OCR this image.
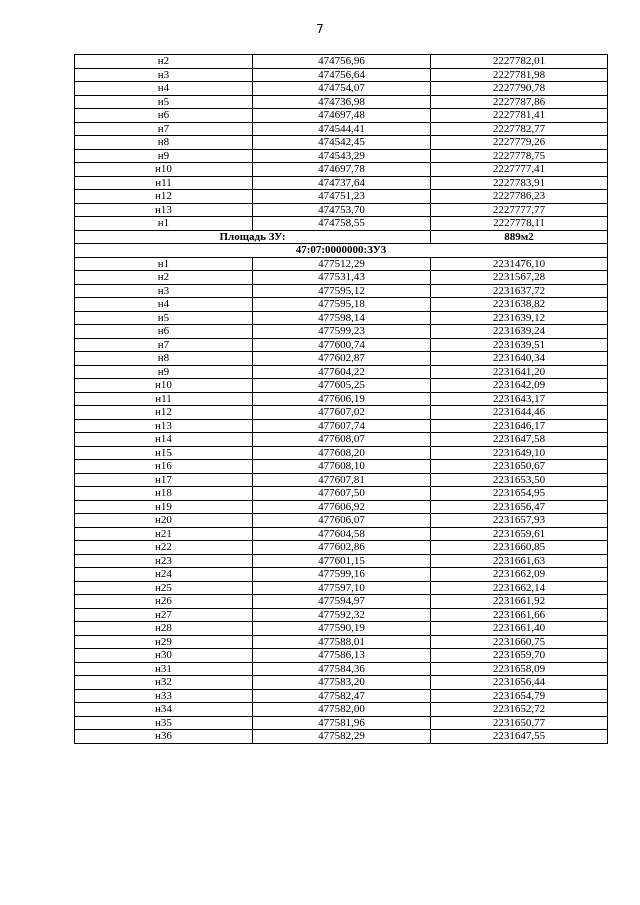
7
н2	474756,96	2227782,01
н3	474756,64	2227781,98
н4	474754,07	2227790,78
н5	474736,98	2227787,86
н6	474697,48	2227781,41
н7	474544,41	2227782,77
н8	474542,45	2227779,26
н9	474543,29	2227778,75
н10	474697,78	2227777,41
н11	474737,64	2227783,91
н12	474751,23	2227786,23
н13	474753,70	2227777,77
н1	474758,55	2227778,11
Площадь ЗУ:		889м2
47:07:0000000:ЗУ3		
н1	477512,29	2231476,10
н2	477531,43	2231567,28
н3	477595,12	2231637,72
н4	477595,18	2231638,82
н5	477598,14	2231639,12
н6	477599,23	2231639,24
н7	477600,74	2231639,51
н8	477602,87	2231640,34
н9	477604,22	2231641,20
н10	477605,25	2231642,09
н11	477606,19	2231643,17
н12	477607,02	2231644,46
н13	477607,74	2231646,17
н14	477608,07	2231647,58
н15	477608,20	2231649,10
н16	477608,10	2231650,67
н17	477607,81	2231653,50
н18	477607,50	2231654,95
н19	477606,92	2231656,47
н20	477606,07	2231657,93
н21	477604,58	2231659,61
н22	477602,86	2231660,85
н23	477601,15	2231661,63
н24	477599,16	2231662,09
н25	477597,10	2231662,14
н26	477594,97	2231661,92
н27	477592,32	2231661,66
н28	477590,19	2231661,40
н29	477588,01	2231660,75
н30	477586,13	2231659,70
н31	477584,36	2231658,09
н32	477583,20	2231656,44
н33	477582,47	2231654,79
н34	477582,00	2231652,72
н35	477581,96	2231650,77
н36	477582,29	2231647,55
